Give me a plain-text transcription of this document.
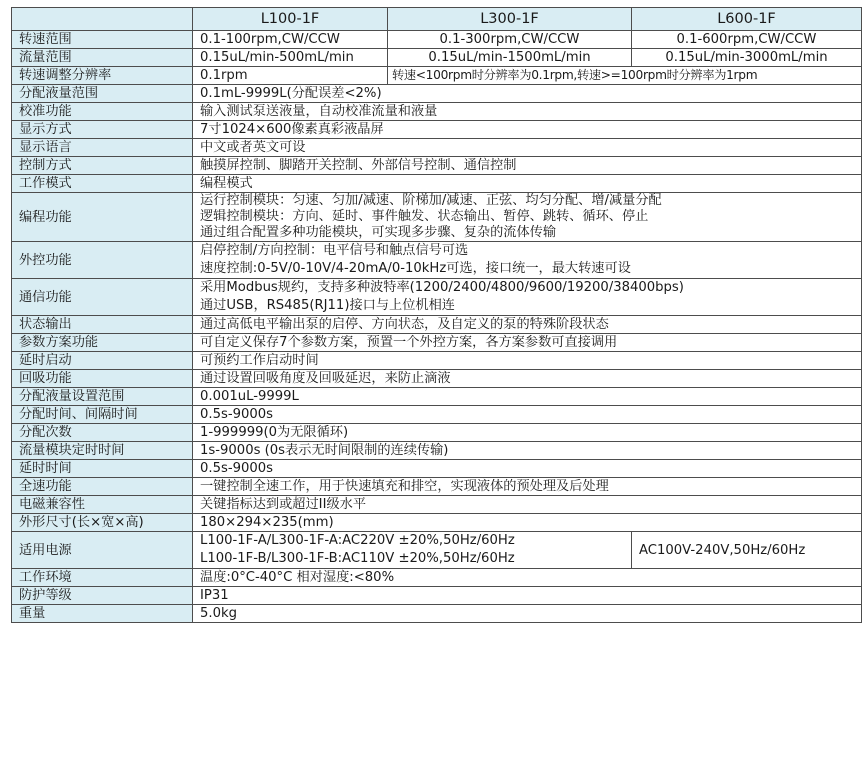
	L100-1F	L300-1F	L600-1F
转速范围	0.1-100rpm,CW/CCW	0.1-300rpm,CW/CCW	0.1-600rpm,CW/CCW
流量范围	0.15uL/min-500mL/min	0.15uL/min-1500mL/min	0.15uL/min-3000mL/min
转速调整分辨率	0.1rpm	转速<100rpm时分辨率为0.1rpm,转速>=100rpm时分辨率为1rpm	
分配液量范围	0.1mL-9999L(分配误差<2%)		
校准功能	输入测试泵送液量，自动校准流量和液量		
显示方式	7寸1024×600像素真彩液晶屏		
显示语言	中文或者英文可设		
控制方式	触摸屏控制、脚踏开关控制、外部信号控制、通信控制		
工作模式	编程模式		
编程功能	运行控制模块：匀速、匀加/减速、阶梯加/减速、正弦、均匀分配、增/减量分配
逻辑控制模块：方向、延时、事件触发、状态输出、暂停、跳转、循环、停止
通过组合配置多种功能模块，可实现多步骤、复杂的流体传输		

外控功能	启停控制/方向控制：电平信号和触点信号可选
速度控制:0-5V/0-10V/4-20mA/0-10kHz可选，接口统一，最大转速可设		

通信功能	采用Modbus规约，支持多种波特率(1200/2400/4800/9600/19200/38400bps)
通过USB，RS485(RJ11)接口与上位机相连		

状态输出	通过高低电平输出泵的启停、方向状态，及自定义的泵的特殊阶段状态		
参数方案功能	可自定义保存7个参数方案，预置一个外控方案，各方案参数可直接调用		
延时启动	可预约工作启动时间		
回吸功能	通过设置回吸角度及回吸延迟，来防止滴液		
分配液量设置范围	0.001uL-9999L		
分配时间、间隔时间	0.5s-9000s		
分配次数	1-999999(0为无限循环)		
流量模块定时时间	1s-9000s (0s表示无时间限制的连续传输)		
延时时间	0.5s-9000s		
全速功能	一键控制全速工作，用于快速填充和排空，实现液体的预处理及后处理		
电磁兼容性	关键指标达到或超过II级水平		
外形尺寸(长×宽×高)	180×294×235(mm)		
适用电源	L100-1F-A/L300-1F-A:AC220V ±20%,50Hz/60Hz
L100-1F-B/L300-1F-B:AC110V ±20%,50Hz/60Hz		AC100V-240V,50Hz/60Hz
工作环境	温度:0°C-40°C 相对湿度:<80%		
防护等级	IP31		
重量	5.0kg		
